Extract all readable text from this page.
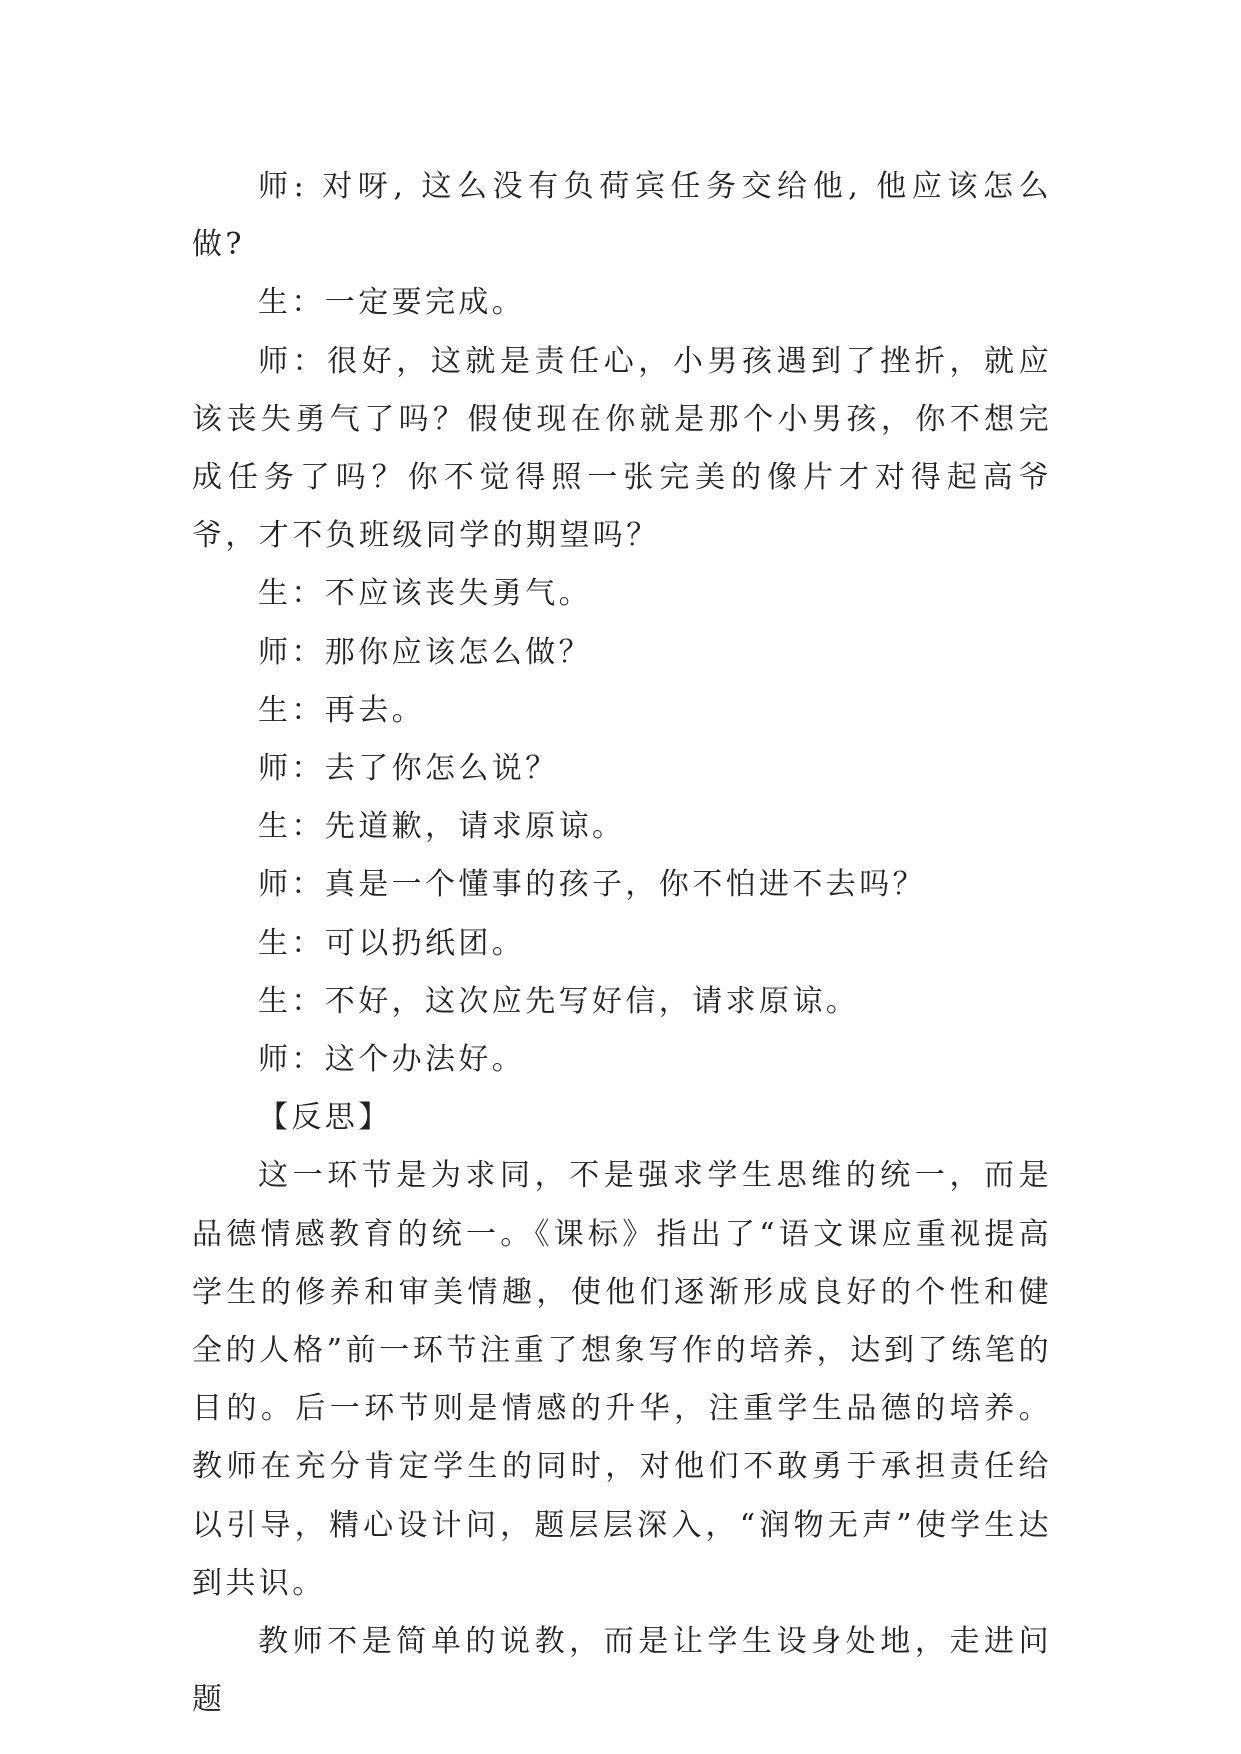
师: 对呀, 这么没有负荷宾任务交给他, 他应该怎么做?

生：一定要完成。

师：很好，这就是责任心，小男孩遇到了挫折，就应该丧失勇气了吗？假使现在你就是那个小男孩，你不想完成任务了吗？你不觉得照一张完美的像片才对得起高爷爷，才不负班级同学的期望吗？

生：不应该丧失勇气。

师：那你应该怎么做？

生：再去。

师：去了你怎么说？

生：先道歉，请求原谅。

师：真是一个懂事的孩子，你不怕进不去吗？

生：可以扔纸团。

生：不好，这次应先写好信，请求原谅。

师：这个办法好。

【反思】

这一环节是为求同，不是强求学生思维的统一，而是品德情感教育的统一。《课标》指出了“语文课应重视提高学生的修养和审美情趣，使他们逐渐形成良好的个性和健全的人格”前一环节注重了想象写作的培养，达到了练笔的目的。后一环节则是情感的升华，注重学生品德的培养。教师在充分肯定学生的同时，对他们不敢勇于承担责任给以引导，精心设计问，题层层深入，“润物无声”使学生达到共识。

教师不是简单的说教，而是让学生设身处地，走进问题
